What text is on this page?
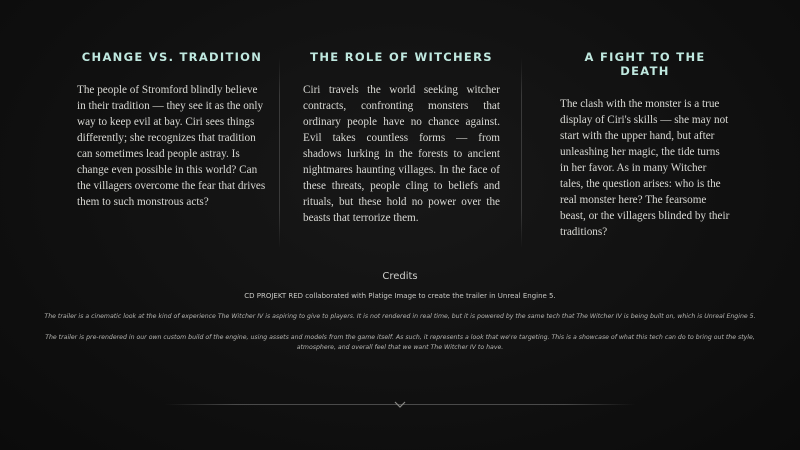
CHANGE VS. TRADITION

The people of Stromford blindly believe in their tradition — they see it as the only way to keep evil at bay. Ciri sees things differently; she recognizes that tradition can sometimes lead people astray. Is change even possible in this world? Can the villagers overcome the fear that drives them to such monstrous acts?

THE ROLE OF WITCHERS

Ciri travels the world seeking witcher contracts, confronting monsters that ordinary people have no chance against. Evil takes countless forms — from shadows lurking in the forests to ancient nightmares haunting villages. In the face of these threats, people cling to beliefs and rituals, but these hold no power over the beasts that terrorize them.

A FIGHT TO THE DEATH

The clash with the monster is a true display of Ciri's skills — she may not start with the upper hand, but after unleashing her magic, the tide turns in her favor. As in many Witcher tales, the question arises: who is the real monster here? The fearsome beast, or the villagers blinded by their traditions?

Credits

CD PROJEKT RED collaborated with Platige Image to create the trailer in Unreal Engine 5.

The trailer is a cinematic look at the kind of experience The Witcher IV is aspiring to give to players. It is not rendered in real time, but it is powered by the same tech that The Witcher IV is being built on, which is Unreal Engine 5.

The trailer is pre-rendered in our own custom build of the engine, using assets and models from the game itself. As such, it represents a look that we're targeting. This is a showcase of what this tech can do to bring out the style, atmosphere, and overall feel that we want The Witcher IV to have.
